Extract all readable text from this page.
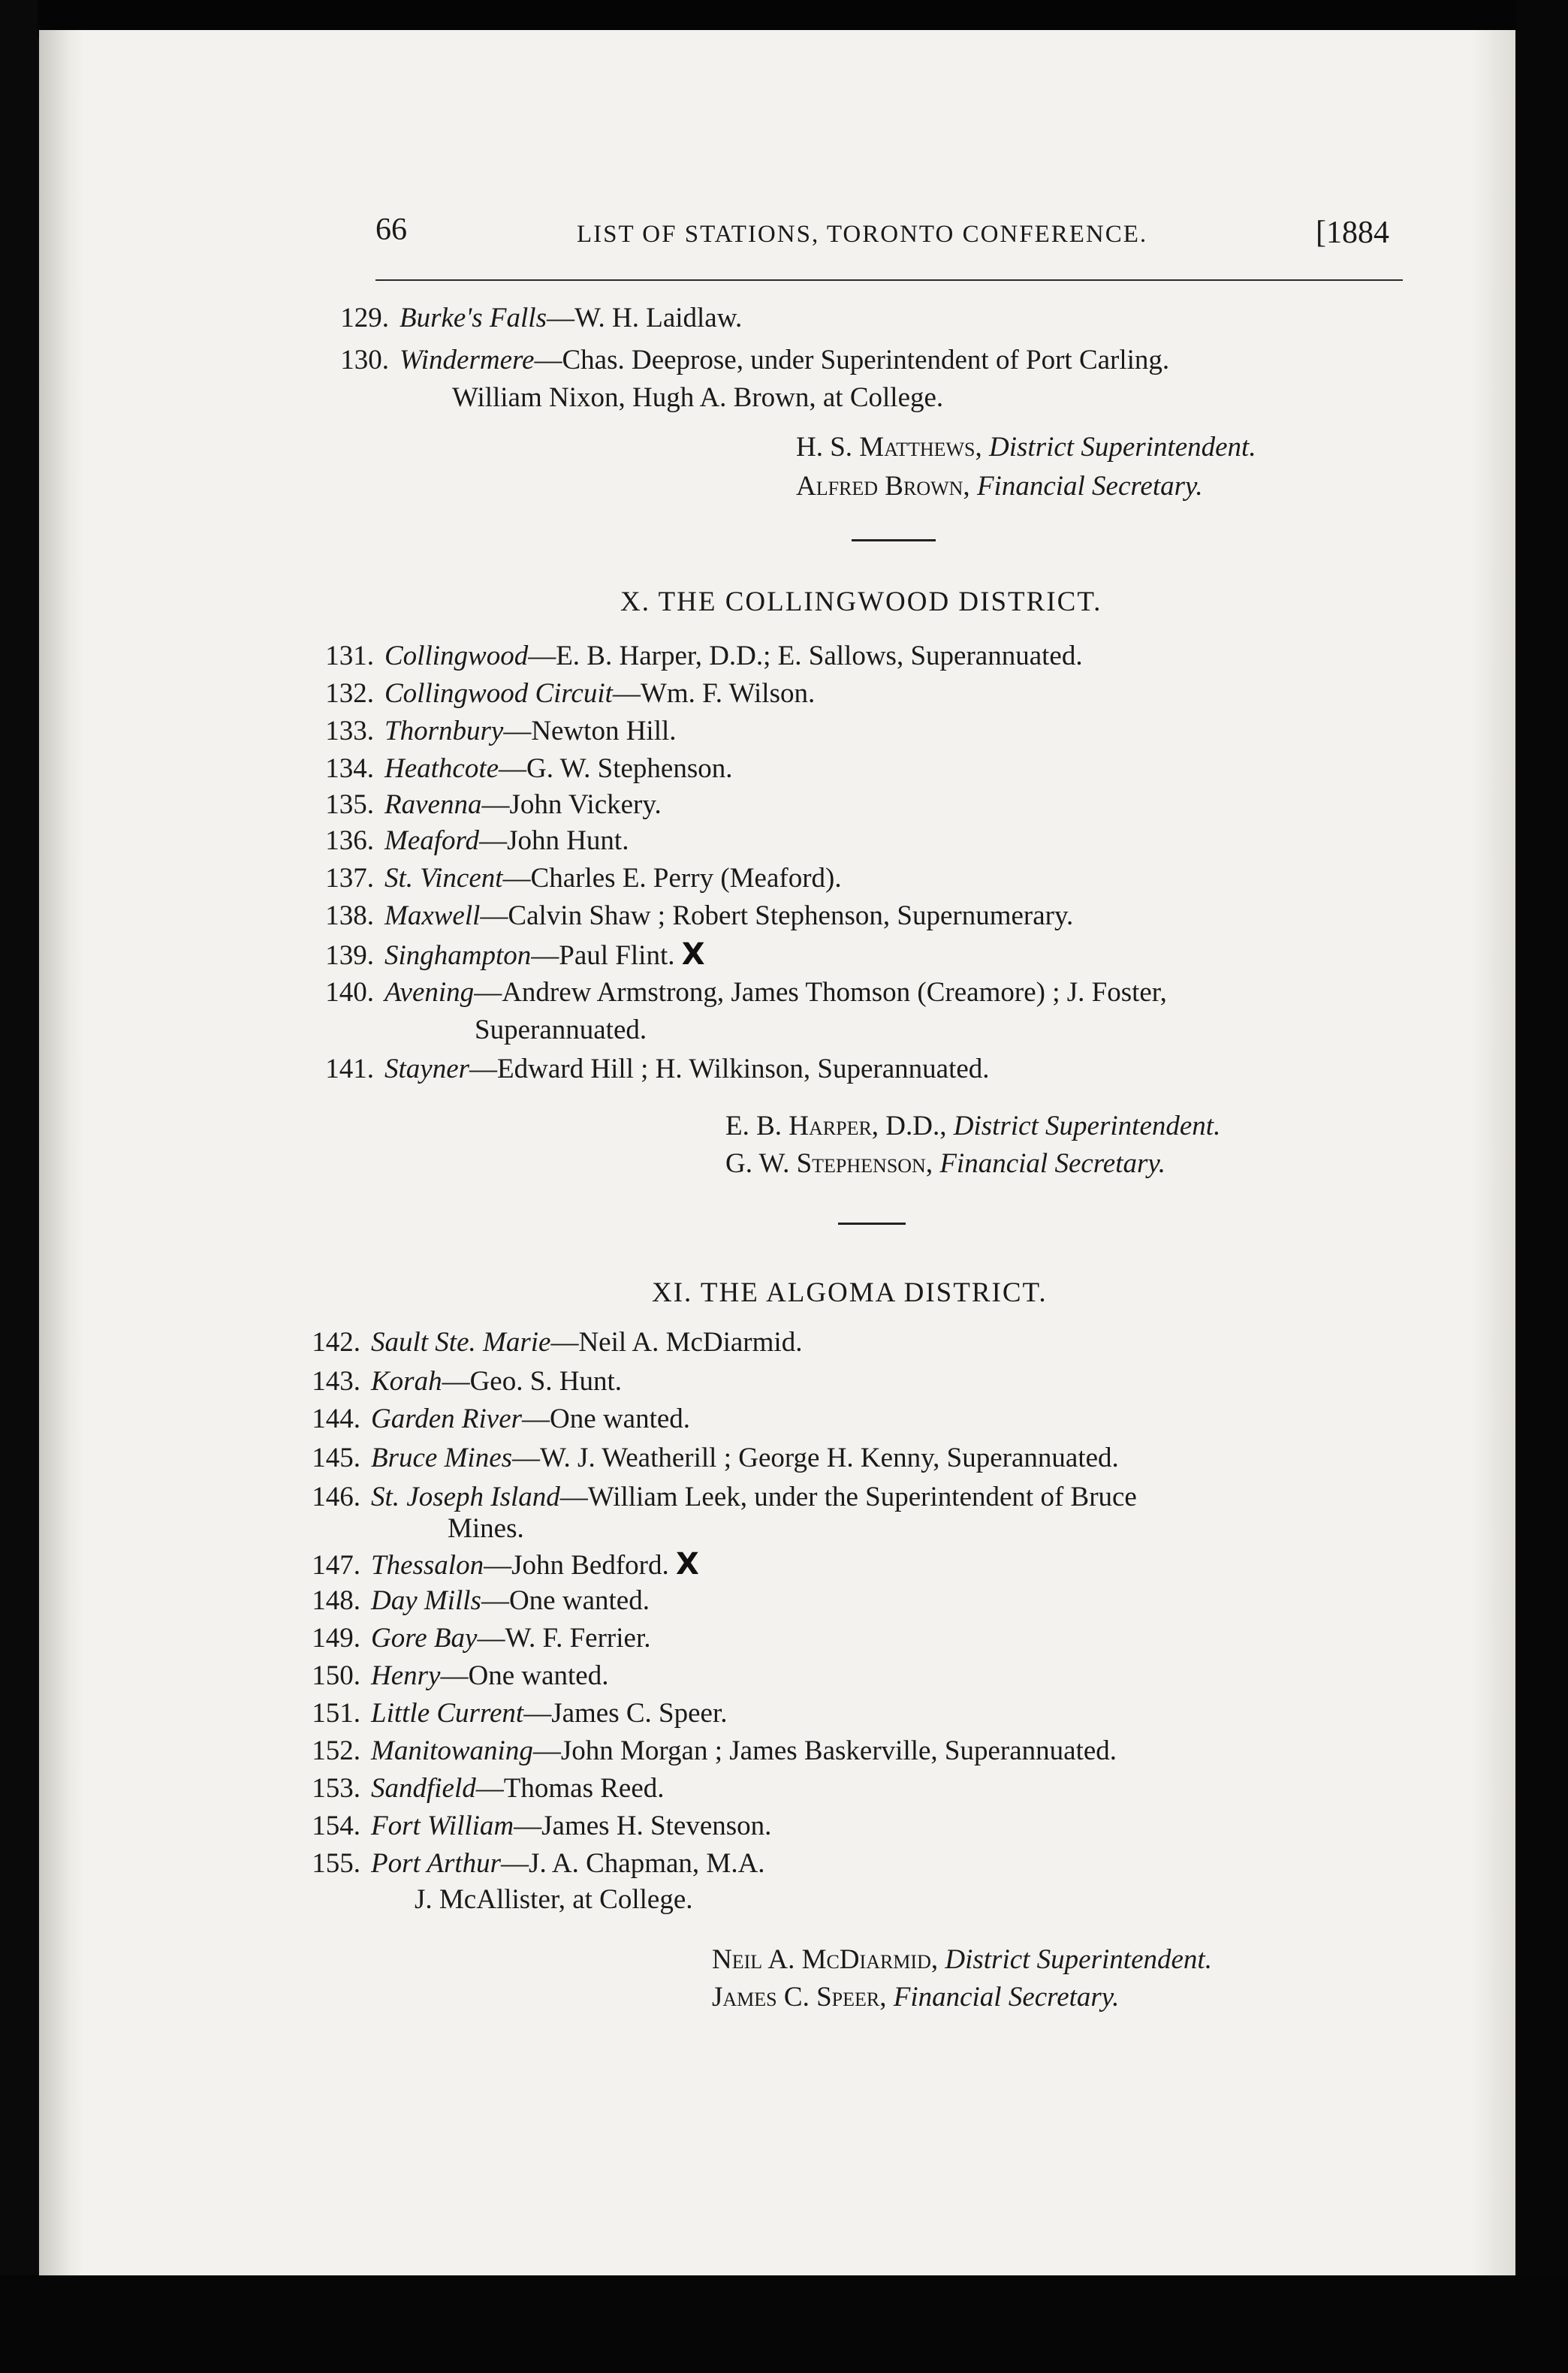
66	LIST OF STATIONS, TORONTO CONFERENCE.	[1884
129. Burke's Falls—W. H. Laidlaw.
130. Windermere—Chas. Deeprose, under Superintendent of Port Carling.
William Nixon, Hugh A. Brown, at College.
H. S. Matthews, District Superintendent.
Alfred Brown, Financial Secretary.
X. THE COLLINGWOOD DISTRICT.
131. Collingwood—E. B. Harper, D.D.; E. Sallows, Superannuated.
132. Collingwood Circuit—Wm. F. Wilson.
133. Thornbury—Newton Hill.
134. Heathcote—G. W. Stephenson.
135. Ravenna—John Vickery.
136. Meaford—John Hunt.
137. St. Vincent—Charles E. Perry (Meaford).
138. Maxwell—Calvin Shaw ; Robert Stephenson, Supernumerary.
139. Singhampton—Paul Flint. X
140. Avening—Andrew Armstrong, James Thomson (Creamore) ; J. Foster,
Superannuated.
141. Stayner—Edward Hill ; H. Wilkinson, Superannuated.
E. B. Harper, D.D., District Superintendent.
G. W. Stephenson, Financial Secretary.
XI. THE ALGOMA DISTRICT.
142. Sault Ste. Marie—Neil A. McDiarmid.
143. Korah—Geo. S. Hunt.
144. Garden River—One wanted.
145. Bruce Mines—W. J. Weatherill ; George H. Kenny, Superannuated.
146. St. Joseph Island—William Leek, under the Superintendent of Bruce
Mines.
147. Thessalon—John Bedford. X
148. Day Mills—One wanted.
149. Gore Bay—W. F. Ferrier.
150. Henry—One wanted.
151. Little Current—James C. Speer.
152. Manitowaning—John Morgan ; James Baskerville, Superannuated.
153. Sandfield—Thomas Reed.
154. Fort William—James H. Stevenson.
155. Port Arthur—J. A. Chapman, M.A.
J. McAllister, at College.
Neil A. McDiarmid, District Superintendent.
James C. Speer, Financial Secretary.
